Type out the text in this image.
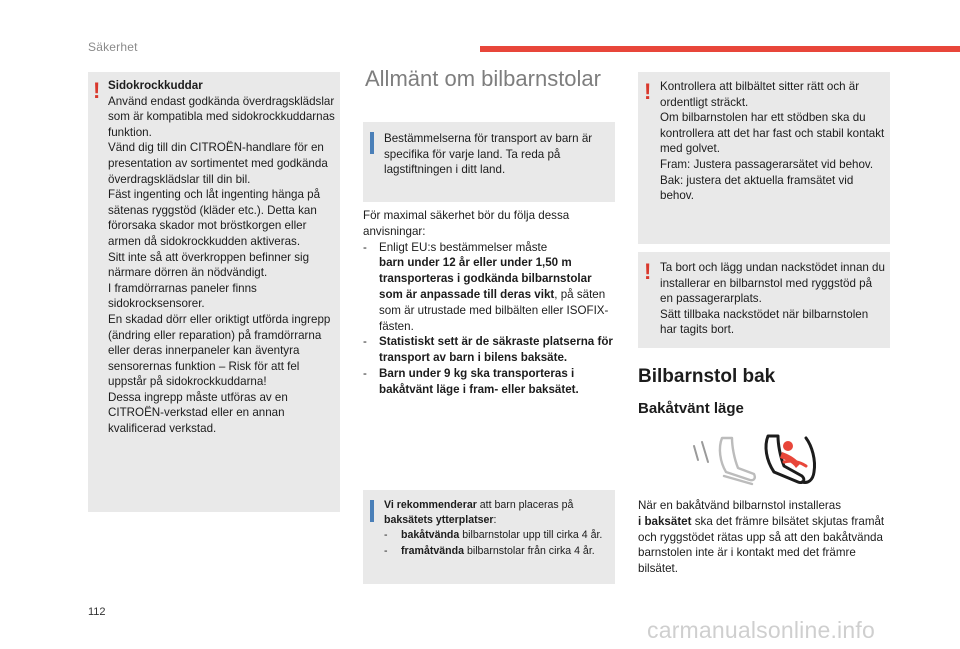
Säkerhet
! Sidokrockkuddar

Använd endast godkända överdragsklädslar som är kompatibla med sidokrockkuddarnas funktion.

Vänd dig till din CITROËN-handlare för en presentation av sortimentet med godkända överdragsklädslar till din bil.

Fäst ingenting och låt ingenting hänga på sätenas ryggstöd (kläder etc.). Detta kan förorsaka skador mot bröstkorgen eller armen då sidokrockkudden aktiveras.

Sitt inte så att överkroppen befinner sig närmare dörren än nödvändigt.

I framdörrarnas paneler finns sidokrocksensorer.

En skadad dörr eller oriktigt utförda ingrepp (ändring eller reparation) på framdörrarna eller deras innerpaneler kan äventyra sensorernas funktion – Risk för att fel uppstår på sidokrockkuddarna!

Dessa ingrepp måste utföras av en CITROËN-verkstad eller en annan kvalificerad verkstad.

Allmänt om bilbarnstolar

Bestämmelserna för transport av barn är specifika för varje land. Ta reda på lagstiftningen i ditt land.

För maximal säkerhet bör du följa dessa anvisningar:
- Enligt EU:s bestämmelser måste
barn under 12 år eller under 1,50 m transporteras i godkända bilbarnstolar som är anpassade till deras vikt, på säten som är utrustade med bilbälten eller ISOFIX-fästen.
- Statistiskt sett är de säkraste platserna för transport av barn i bilens baksäte.
- Barn under 9 kg ska transporteras i bakåtvänt läge i fram- eller baksätet.
Vi rekommenderar att barn placeras på
baksätets ytterplatser:
- bakåtvända bilbarnstolar upp till cirka 4 år.
- framåtvända bilbarnstolar från cirka 4 år.
! Kontrollera att bilbältet sitter rätt och är ordentligt sträckt.

Om bilbarnstolen har ett stödben ska du kontrollera att det har fast och stabil kontakt med golvet.

Fram: Justera passagerarsätet vid behov.

Bak: justera det aktuella framsätet vid behov.

! Ta bort och lägg undan nackstödet innan du installerar en bilbarnstol med ryggstöd på en passagerarplats.

Sätt tillbaka nackstödet när bilbarnstolen har tagits bort.

Bilbarnstol bak
Bakåtvänt läge
När en bakåtvänd bilbarnstol installeras
i baksätet ska det främre bilsätet skjutas framåt och ryggstödet rätas upp så att den bakåtvända barnstolen inte är i kontakt med det främre bilsätet.
112
carmanualsonline.info
